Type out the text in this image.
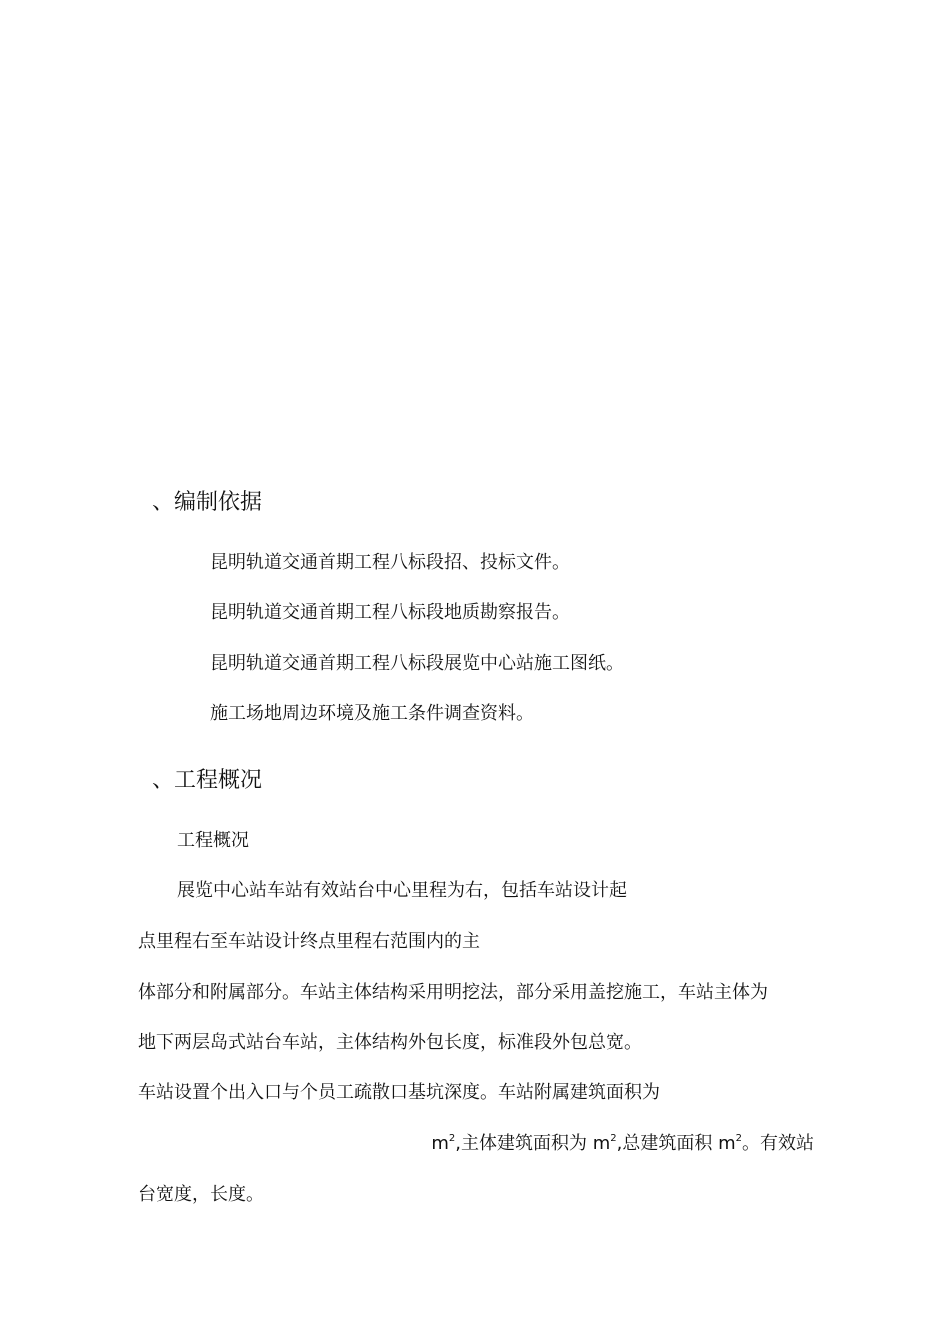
、编制依据
昆明轨道交通首期工程八标段招、投标文件。
昆明轨道交通首期工程八标段地质勘察报告。
昆明轨道交通首期工程八标段展览中心站施工图纸。
施工场地周边环境及施工条件调查资料。
、工程概况
工程概况
展览中心站车站有效站台中心里程为右，包括车站设计起
点里程右至车站设计终点里程右范围内的主
体部分和附属部分。车站主体结构采用明挖法，部分采用盖挖施工，车站主体为
地下两层岛式站台车站，主体结构外包长度，标准段外包总宽。
车站设置个出入口与个员工疏散口基坑深度。车站附属建筑面积为
$m^2$,主体建筑面积为 $m^2$,总建筑面积 $m^2$。有效站
台宽度，长度。
